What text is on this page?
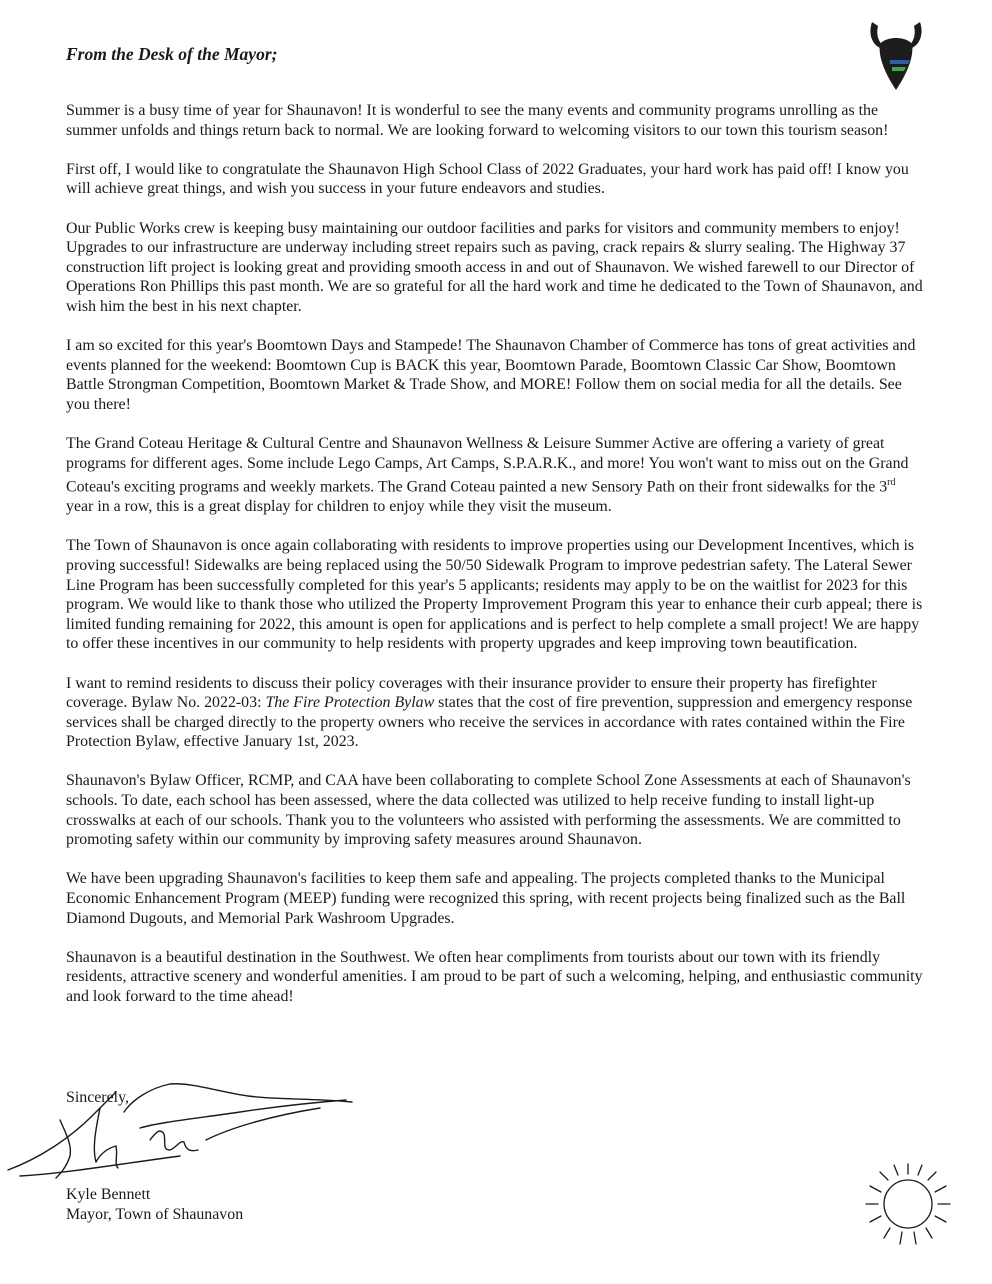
From the Desk of the Mayor;

Summer is a busy time of year for Shaunavon! It is wonderful to see the many events and community programs unrolling as the summer unfolds and things return back to normal. We are looking forward to welcoming visitors to our town this tourism season!

First off, I would like to congratulate the Shaunavon High School Class of 2022 Graduates, your hard work has paid off! I know you will achieve great things, and wish you success in your future endeavors and studies.

Our Public Works crew is keeping busy maintaining our outdoor facilities and parks for visitors and community members to enjoy! Upgrades to our infrastructure are underway including street repairs such as paving, crack repairs & slurry sealing. The Highway 37 construction lift project is looking great and providing smooth access in and out of Shaunavon. We wished farewell to our Director of Operations Ron Phillips this past month. We are so grateful for all the hard work and time he dedicated to the Town of Shaunavon, and wish him the best in his next chapter.

I am so excited for this year's Boomtown Days and Stampede! The Shaunavon Chamber of Commerce has tons of great activities and events planned for the weekend: Boomtown Cup is BACK this year, Boomtown Parade, Boomtown Classic Car Show, Boomtown Battle Strongman Competition, Boomtown Market & Trade Show, and MORE! Follow them on social media for all the details. See you there!

The Grand Coteau Heritage & Cultural Centre and Shaunavon Wellness & Leisure Summer Active are offering a variety of great programs for different ages. Some include Lego Camps, Art Camps, S.P.A.R.K., and more! You won't want to miss out on the Grand Coteau's exciting programs and weekly markets. The Grand Coteau painted a new Sensory Path on their front sidewalks for the 3rd year in a row, this is a great display for children to enjoy while they visit the museum.

The Town of Shaunavon is once again collaborating with residents to improve properties using our Development Incentives, which is proving successful! Sidewalks are being replaced using the 50/50 Sidewalk Program to improve pedestrian safety. The Lateral Sewer Line Program has been successfully completed for this year's 5 applicants; residents may apply to be on the waitlist for 2023 for this program. We would like to thank those who utilized the Property Improvement Program this year to enhance their curb appeal; there is limited funding remaining for 2022, this amount is open for applications and is perfect to help complete a small project! We are happy to offer these incentives in our community to help residents with property upgrades and keep improving town beautification.

I want to remind residents to discuss their policy coverages with their insurance provider to ensure their property has firefighter coverage. Bylaw No. 2022-03: The Fire Protection Bylaw states that the cost of fire prevention, suppression and emergency response services shall be charged directly to the property owners who receive the services in accordance with rates contained within the Fire Protection Bylaw, effective January 1st, 2023.

Shaunavon's Bylaw Officer, RCMP, and CAA have been collaborating to complete School Zone Assessments at each of Shaunavon's schools. To date, each school has been assessed, where the data collected was utilized to help receive funding to install light-up crosswalks at each of our schools. Thank you to the volunteers who assisted with performing the assessments. We are committed to promoting safety within our community by improving safety measures around Shaunavon.

We have been upgrading Shaunavon's facilities to keep them safe and appealing. The projects completed thanks to the Municipal Economic Enhancement Program (MEEP) funding were recognized this spring, with recent projects being finalized such as the Ball Diamond Dugouts, and Memorial Park Washroom Upgrades.

Shaunavon is a beautiful destination in the Southwest. We often hear compliments from tourists about our town with its friendly residents, attractive scenery and wonderful amenities. I am proud to be part of such a welcoming, helping, and enthusiastic community and look forward to the time ahead!

Sincerely,
Kyle Bennett
Mayor, Town of Shaunavon
